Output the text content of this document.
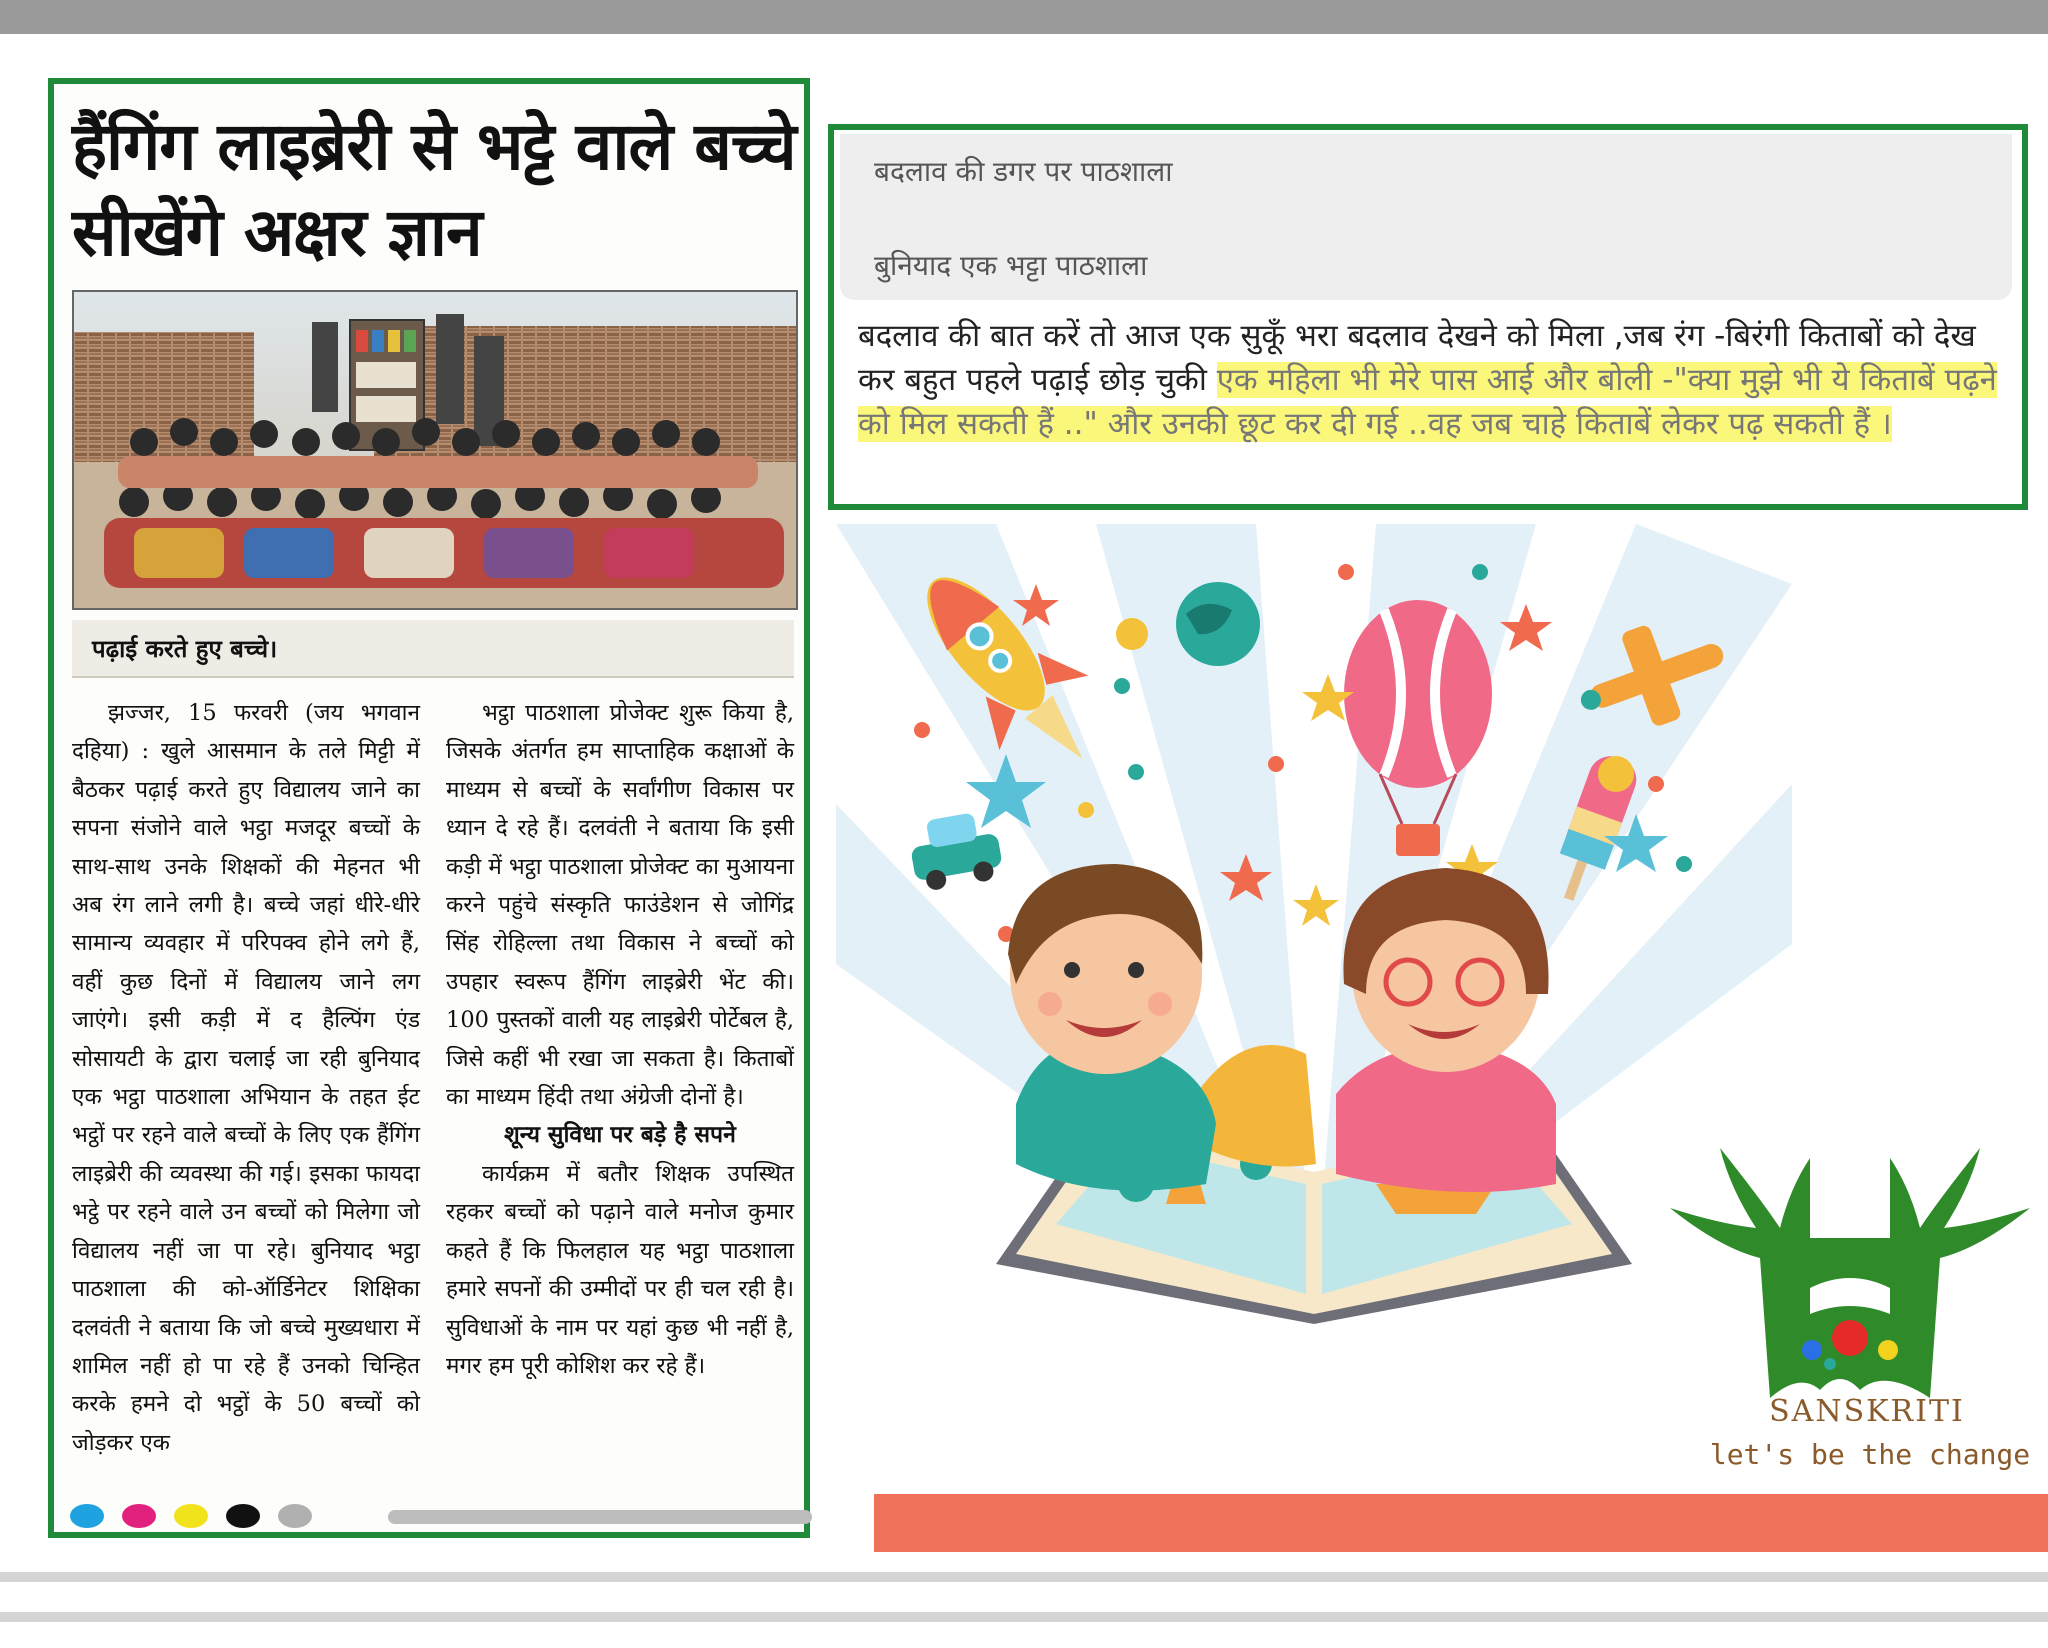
हैंगिंग लाइब्रेरी से भट्टे वाले बच्चे सीखेंगे अक्षर ज्ञान
पढ़ाई करते हुए बच्चे।

झज्जर, 15 फरवरी (जय भगवान दहिया) : खुले आसमान के तले मिट्टी में बैठकर पढ़ाई करते हुए विद्यालय जाने का सपना संजोने वाले भट्ठा मजदूर बच्चों के साथ-साथ उनके शिक्षकों की मेहनत भी अब रंग लाने लगी है। बच्चे जहां धीरे-धीरे सामान्य व्यवहार में परिपक्व होने लगे हैं, वहीं कुछ दिनों में विद्यालय जाने लग जाएंगे। इसी कड़ी में द हैल्पिंग एंड सोसायटी के द्वारा चलाई जा रही बुनियाद एक भट्ठा पाठशाला अभियान के तहत ईट भट्ठों पर रहने वाले बच्चों के लिए एक हैंगिंग लाइब्रेरी की व्यवस्था की गई। इसका फायदा भट्ठे पर रहने वाले उन बच्चों को मिलेगा जो विद्यालय नहीं जा पा रहे। बुनियाद भट्ठा पाठशाला की को-ऑर्डिनेटर शिक्षिका दलवंती ने बताया कि जो बच्चे मुख्यधारा में शामिल नहीं हो पा रहे हैं उनको चिन्हित करके हमने दो भट्ठों के 50 बच्चों को जोड़कर एक

भट्ठा पाठशाला प्रोजेक्ट शुरू किया है, जिसके अंतर्गत हम साप्ताहिक कक्षाओं के माध्यम से बच्चों के सर्वांगीण विकास पर ध्यान दे रहे हैं। दलवंती ने बताया कि इसी कड़ी में भट्ठा पाठशाला प्रोजेक्ट का मुआयना करने पहुंचे संस्कृति फाउंडेशन से जोगिंद्र सिंह रोहिल्ला तथा विकास ने बच्चों को उपहार स्वरूप हैंगिंग लाइब्रेरी भेंट की। 100 पुस्तकों वाली यह लाइब्रेरी पोर्टेबल है, जिसे कहीं भी रखा जा सकता है। किताबों का माध्यम हिंदी तथा अंग्रेजी दोनों है।

शून्य सुविधा पर बड़े है सपने

कार्यक्रम में बतौर शिक्षक उपस्थित रहकर बच्चों को पढ़ाने वाले मनोज कुमार कहते हैं कि फिलहाल यह भट्ठा पाठशाला हमारे सपनों की उम्मीदों पर ही चल रही है। सुविधाओं के नाम पर यहां कुछ भी नहीं है, मगर हम पूरी कोशिश कर रहे हैं।

बदलाव की डगर पर पाठशाला
बुनियाद एक भट्टा पाठशाला
बदलाव की बात करें तो आज एक सुकूँ भरा बदलाव देखने को मिला ,जब रंग -बिरंगी किताबों को देख कर बहुत पहले पढ़ाई छोड़ चुकी एक महिला भी मेरे पास आई और बोली -"क्या मुझे भी ये किताबें पढ़ने को मिल सकती हैं .." और उनकी छूट कर दी गई ..वह जब चाहे किताबें लेकर पढ़ सकती हैं ।
SANSKRITI
let's be the change
